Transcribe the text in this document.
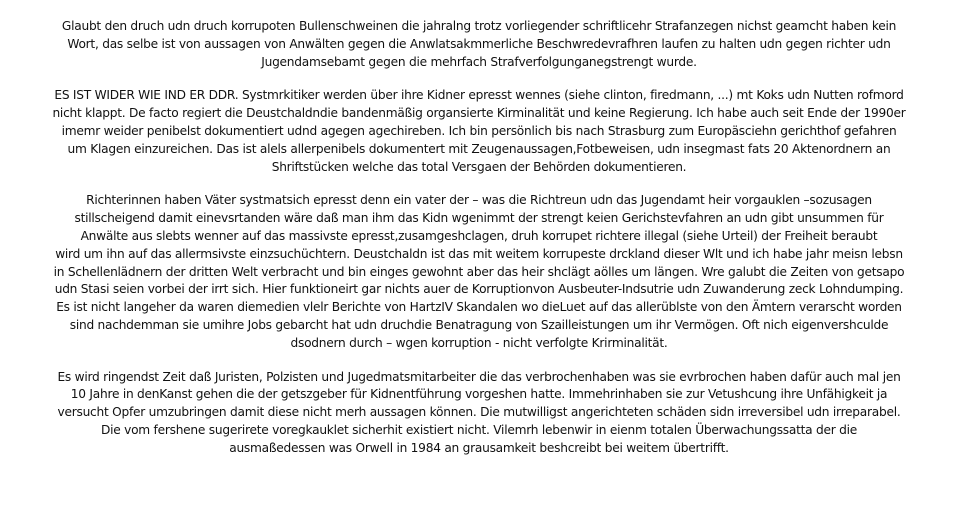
Glaubt den druch udn druch korrupoten Bullenschweinen die jahralng trotz vorliegender schriftlicehr Strafanzegen nichst geamcht haben kein
Wort, das selbe ist von aussagen von Anwälten gegen die Anwlatsakmmerliche Beschwredevrafhren laufen zu halten udn gegen richter udn
Jugendamsebamt gegen die mehrfach Strafverfolgunganegstrengt wurde.

ES IST WIDER WIE IND ER DDR. Systmrkitiker werden über ihre Kidner epresst wennes (siehe clinton, firedmann, ...) mt Koks udn Nutten rofmord
nicht klappt. De facto regiert die Deustchaldndie bandenmäßig organsierte Kirminalität und keine Regierung. Ich habe auch seit Ende der 1990er
imemr weider penibelst dokumentiert udnd agegen agechireben. Ich bin persönlich bis nach Strasburg zum Europäsciehn gerichthof gefahren
um Klagen einzureichen. Das ist alels allerpenibels dokumentert mit Zeugenaussagen,Fotbeweisen, udn insegmast fats 20 Aktenordnern an
Shriftstücken welche das total Versgaen der Behörden dokumentieren.

Richterinnen haben Väter systmatsich epresst denn ein vater der – was die Richtreun udn das Jugendamt heir vorgauklen –sozusagen
stillscheigend damit einevsrtanden wäre daß man ihm das Kidn wgenimmt der strengt keien Gerichstevfahren an udn gibt unsummen für
Anwälte aus slebts wenner auf das massivste epresst,zusamgeshclagen, druh korrupet richtere illegal (siehe Urteil) der Freiheit beraubt
wird um ihn auf das allermsivste einzsuchüchtern. Deustchaldn ist das mit weitem korrupeste drckland dieser Wlt und ich habe jahr meisn lebsn
in Schellenlädnern der dritten Welt verbracht und bin einges gewohnt aber das heir shclägt aölles um längen. Wre galubt die Zeiten von getsapo
udn Stasi seien vorbei der irrt sich. Hier funktioneirt gar nichts auer de Korruptionvon Ausbeuter-Indsutrie udn Zuwanderung zeck Lohndumping.
Es ist nicht langeher da waren diemedien vlelr Berichte von HartzIV Skandalen wo dieLuet auf das allerüblste von den Ämtern verarscht worden
sind nachdemman sie umihre Jobs gebarcht hat udn druchdie Benatragung von Szailleistungen um ihr Vermögen. Oft nich eigenvershculde
dsodnern durch – wgen korruption - nicht verfolgte Krirminalität.

Es wird ringendst Zeit daß Juristen, Polzisten und Jugedmatsmitarbeiter die das verbrochenhaben was sie evrbrochen haben dafür auch mal jen
10 Jahre in denKanst gehen die der getszgeber für Kidnentführung vorgeshen hatte. Immehrinhaben sie zur Vetushcung ihre Unfähigkeit ja
versucht Opfer umzubringen damit diese nicht merh aussagen können. Die mutwilligst angerichteten schäden sidn irreversibel udn irreparabel.
Die vom fershene sugerirete voregkauklet sicherhit existiert nicht. Vilemrh lebenwir in eienm totalen Überwachungssatta der die
ausmaßedessen was Orwell in 1984 an grausamkeit beshcreibt bei weitem übertrifft.
